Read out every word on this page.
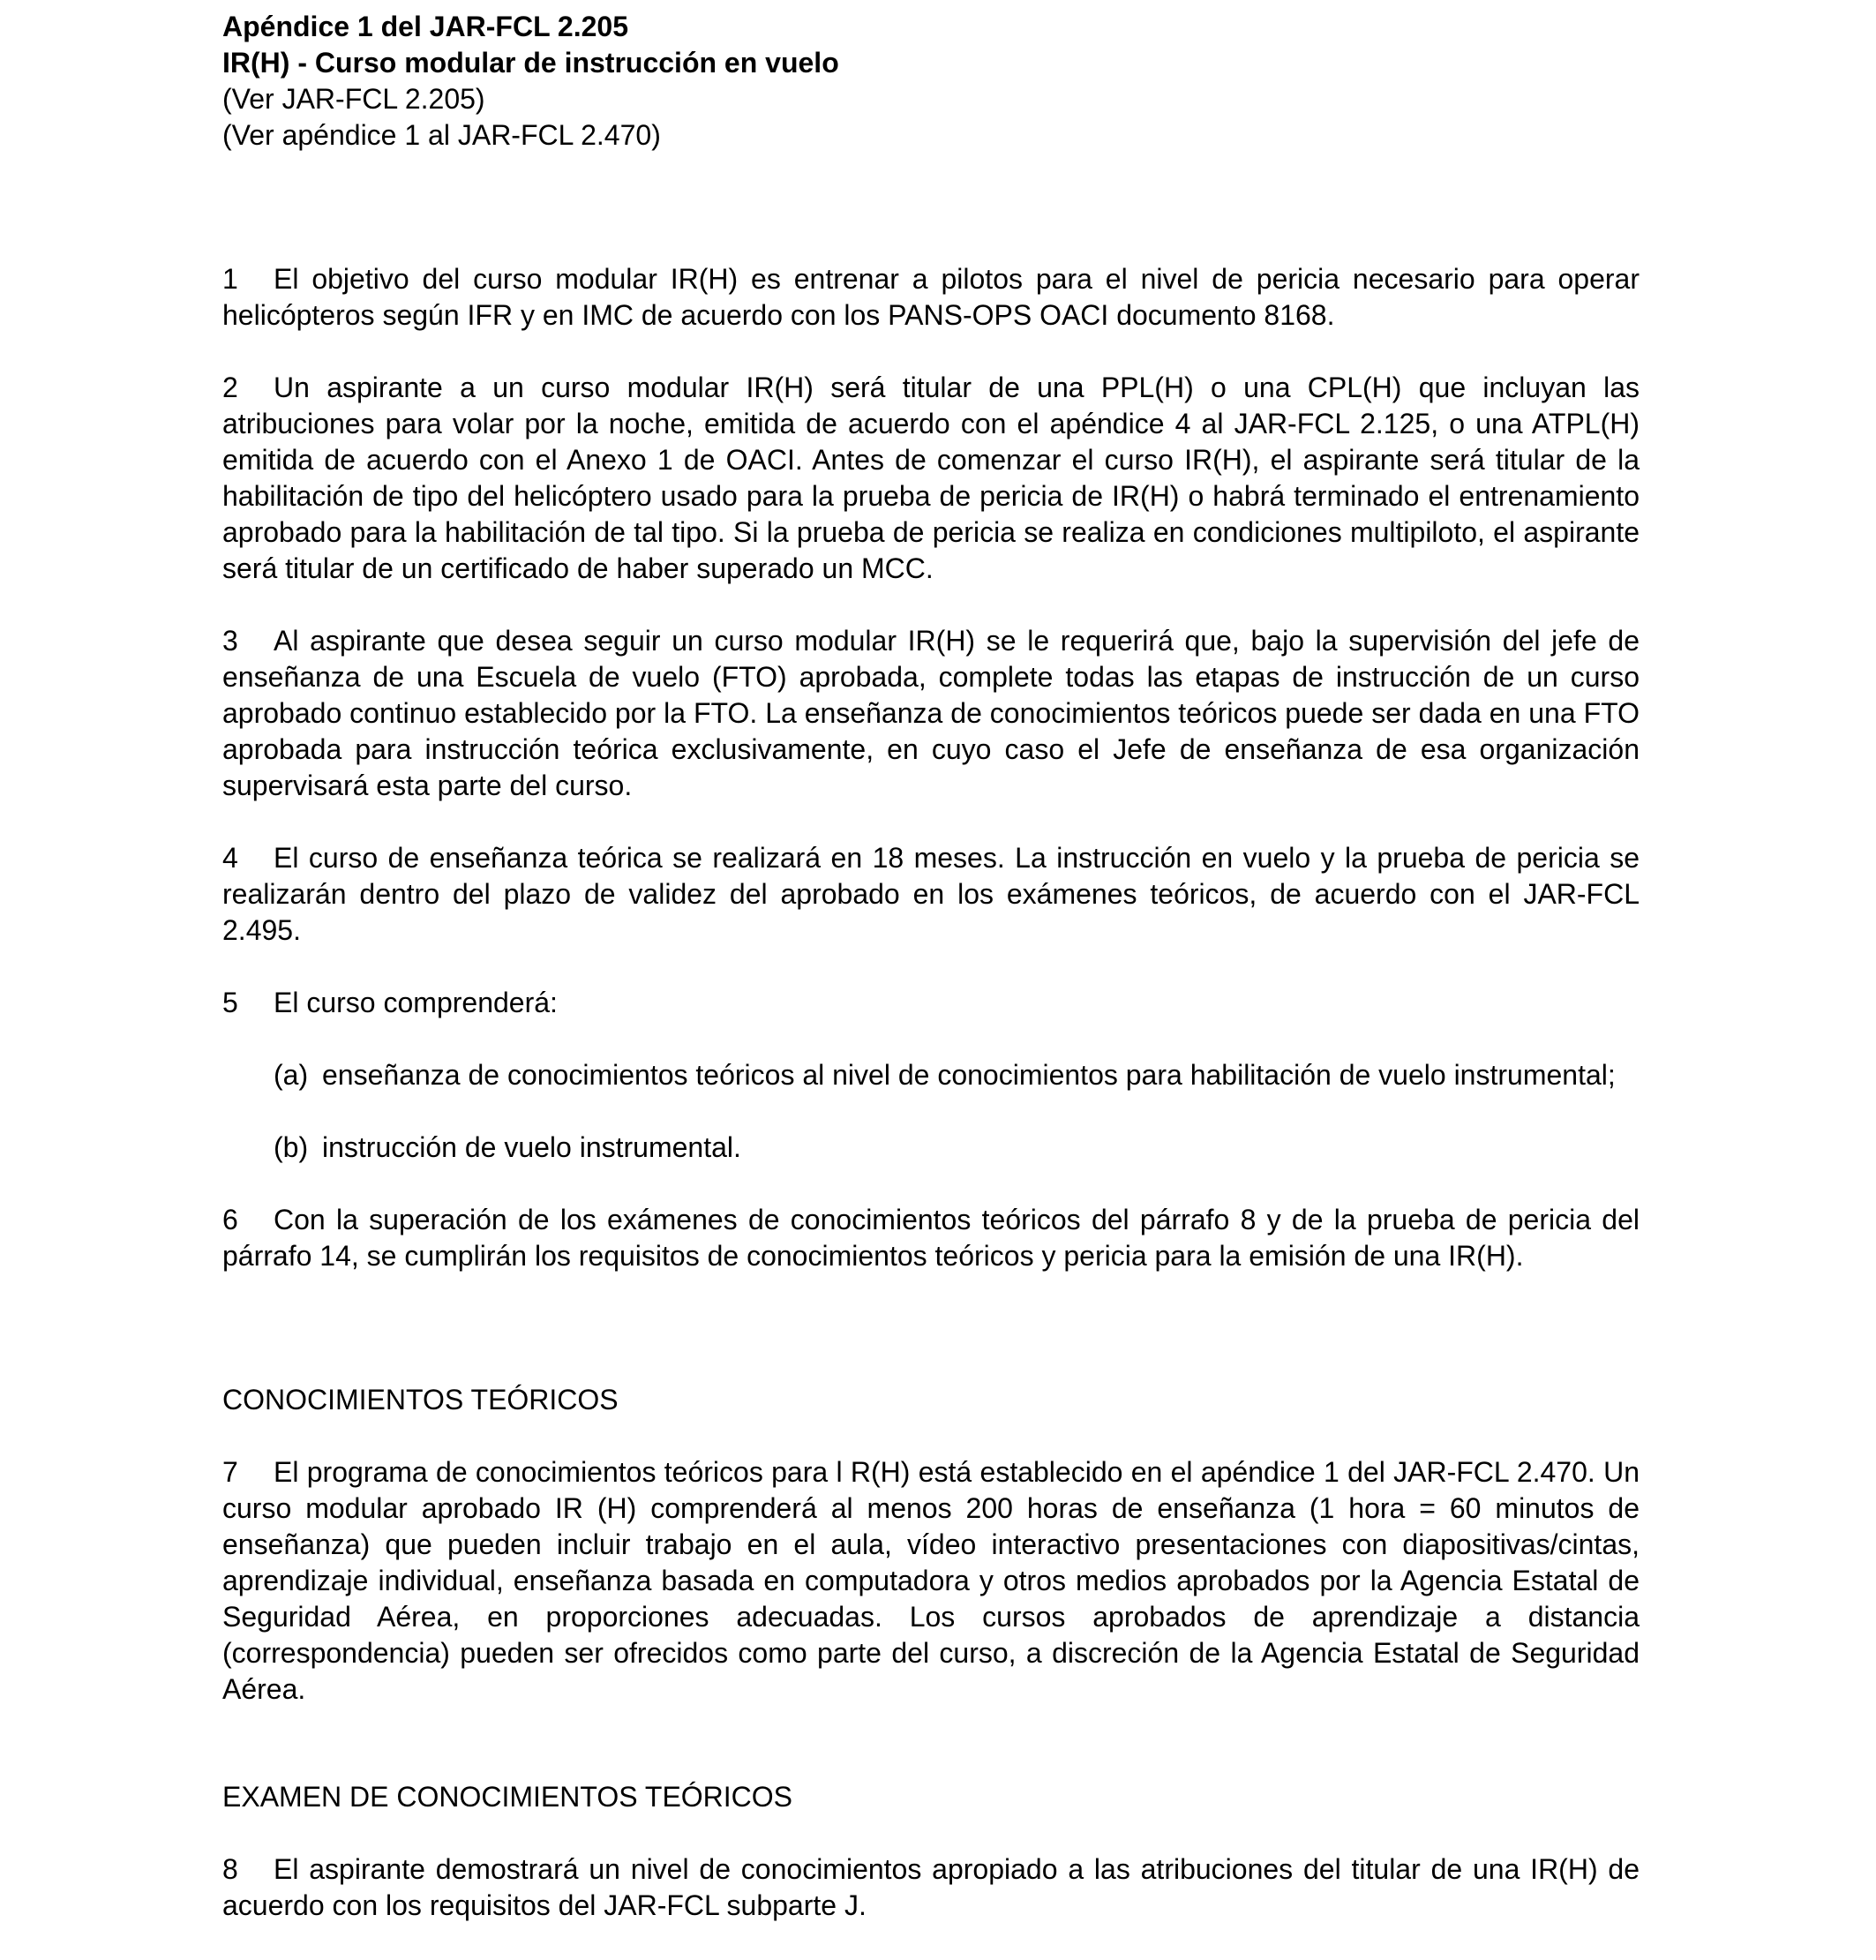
Apéndice 1 del JAR-FCL 2.205

IR(H) - Curso modular de instrucción en vuelo

(Ver JAR-FCL 2.205)

(Ver apéndice 1 al JAR-FCL 2.470)

1 El objetivo del curso modular IR(H) es entrenar a pilotos para el nivel de pericia necesario para operar helicópteros según IFR y en IMC de acuerdo con los PANS-OPS OACI documento 8168.

2 Un aspirante a un curso modular IR(H) será titular de una PPL(H) o una CPL(H) que incluyan las atribuciones para volar por la noche, emitida de acuerdo con el apéndice 4 al JAR-FCL 2.125, o una ATPL(H) emitida de acuerdo con el Anexo 1 de OACI. Antes de comenzar el curso IR(H), el aspirante será titular de la habilitación de tipo del helicóptero usado para la prueba de pericia de IR(H) o habrá terminado el entrenamiento aprobado para la habilitación de tal tipo. Si la prueba de pericia se realiza en condiciones multipiloto, el aspirante será titular de un certificado de haber superado un MCC.

3 Al aspirante que desea seguir un curso modular IR(H) se le requerirá que, bajo la supervisión del jefe de enseñanza de una Escuela de vuelo (FTO) aprobada, complete todas las etapas de instrucción de un curso aprobado continuo establecido por la FTO. La enseñanza de conocimientos teóricos puede ser dada en una FTO aprobada para instrucción teórica exclusivamente, en cuyo caso el Jefe de enseñanza de esa organización supervisará esta parte del curso.

4 El curso de enseñanza teórica se realizará en 18 meses. La instrucción en vuelo y la prueba de pericia se realizarán dentro del plazo de validez del aprobado en los exámenes teóricos, de acuerdo con el JAR-FCL 2.495.

5 El curso comprenderá:

(a) enseñanza de conocimientos teóricos al nivel de conocimientos para habilitación de vuelo instrumental;

(b) instrucción de vuelo instrumental.

6 Con la superación de los exámenes de conocimientos teóricos del párrafo 8 y de la prueba de pericia del párrafo 14, se cumplirán los requisitos de conocimientos teóricos y pericia para la emisión de una IR(H).

CONOCIMIENTOS TEÓRICOS

7 El programa de conocimientos teóricos para l R(H) está establecido en el apéndice 1 del JAR-FCL 2.470. Un curso modular aprobado IR (H) comprenderá al menos 200 horas de enseñanza (1 hora = 60 minutos de enseñanza) que pueden incluir trabajo en el aula, vídeo interactivo presentaciones con diapositivas/cintas, aprendizaje individual, enseñanza basada en computadora y otros medios aprobados por la Agencia Estatal de Seguridad Aérea, en proporciones adecuadas. Los cursos aprobados de aprendizaje a distancia (correspondencia) pueden ser ofrecidos como parte del curso, a discreción de la Agencia Estatal de Seguridad Aérea.

EXAMEN DE CONOCIMIENTOS TEÓRICOS

8 El aspirante demostrará un nivel de conocimientos apropiado a las atribuciones del titular de una IR(H) de acuerdo con los requisitos del JAR-FCL subparte J.
